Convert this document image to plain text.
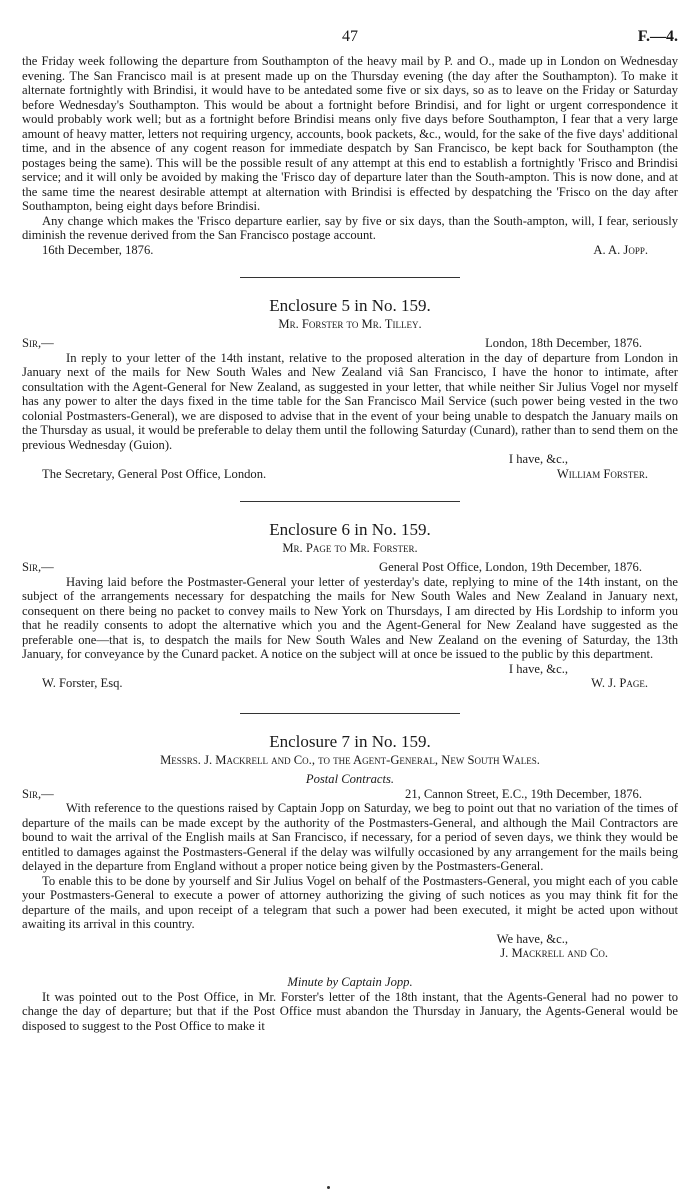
47	F.—4.

the Friday week following the departure from Southampton of the heavy mail by P. and O., made up in London on Wednesday evening. The San Francisco mail is at present made up on the Thursday evening (the day after the Southampton). To make it alternate fortnightly with Brindisi, it would have to be antedated some five or six days, so as to leave on the Friday or Saturday before Wednesday's Southampton. This would be about a fortnight before Brindisi, and for light or urgent correspondence it would probably work well; but as a fortnight before Brindisi means only five days before Southampton, I fear that a very large amount of heavy matter, letters not requiring urgency, accounts, book packets, &c., would, for the sake of the five days' additional time, and in the absence of any cogent reason for immediate despatch by San Francisco, be kept back for Southampton (the postages being the same). This will be the possible result of any attempt at this end to establish a fortnightly 'Frisco and Brindisi service; and it will only be avoided by making the 'Frisco day of departure later than the South-ampton. This is now done, and at the same time the nearest desirable attempt at alternation with Brindisi is effected by despatching the 'Frisco on the day after Southampton, being eight days before Brindisi.

Any change which makes the 'Frisco departure earlier, say by five or six days, than the South-ampton, will, I fear, seriously diminish the revenue derived from the San Francisco postage account.

16th December, 1876.	A. A. Jopp.
Enclosure 5 in No. 159.
Mr. Forster to Mr. Tilley.
Sir,—	London, 18th December, 1876.

In reply to your letter of the 14th instant, relative to the proposed alteration in the day of departure from London in January next of the mails for New South Wales and New Zealand viâ San Francisco, I have the honor to intimate, after consultation with the Agent-General for New Zealand, as suggested in your letter, that while neither Sir Julius Vogel nor myself has any power to alter the days fixed in the time table for the San Francisco Mail Service (such power being vested in the two colonial Postmasters-General), we are disposed to advise that in the event of your being unable to despatch the January mails on the Thursday as usual, it would be preferable to delay them until the following Saturday (Cunard), rather than to send them on the previous Wednesday (Guion).

I have, &c.,
The Secretary, General Post Office, London.	William Forster.
Enclosure 6 in No. 159.
Mr. Page to Mr. Forster.
Sir,—	General Post Office, London, 19th December, 1876.

Having laid before the Postmaster-General your letter of yesterday's date, replying to mine of the 14th instant, on the subject of the arrangements necessary for despatching the mails for New South Wales and New Zealand in January next, consequent on there being no packet to convey mails to New York on Thursdays, I am directed by His Lordship to inform you that he readily consents to adopt the alternative which you and the Agent-General for New Zealand have suggested as the preferable one—that is, to despatch the mails for New South Wales and New Zealand on the evening of Saturday, the 13th January, for conveyance by the Cunard packet. A notice on the subject will at once be issued to the public by this department.

I have, &c.,
W. Forster, Esq.	W. J. Page.
Enclosure 7 in No. 159.
Messrs. J. Mackrell and Co., to the Agent-General, New South Wales.
Postal Contracts.
Sir,—	21, Cannon Street, E.C., 19th December, 1876.

With reference to the questions raised by Captain Jopp on Saturday, we beg to point out that no variation of the times of departure of the mails can be made except by the authority of the Postmasters-General, and although the Mail Contractors are bound to wait the arrival of the English mails at San Francisco, if necessary, for a period of seven days, we think they would be entitled to damages against the Postmasters-General if the delay was wilfully occasioned by any arrangement for the mails being delayed in the departure from England without a proper notice being given by the Postmasters-General.

To enable this to be done by yourself and Sir Julius Vogel on behalf of the Postmasters-General, you might each of you cable your Postmasters-General to execute a power of attorney authorizing the giving of such notices as you may think fit for the departure of the mails, and upon receipt of a telegram that such a power had been executed, it might be acted upon without awaiting its arrival in this country.

We have, &c.,
J. Mackrell and Co.
Minute by Captain Jopp.

It was pointed out to the Post Office, in Mr. Forster's letter of the 18th instant, that the Agents-General had no power to change the day of departure; but that if the Post Office must abandon the Thursday in January, the Agents-General would be disposed to suggest to the Post Office to make it
